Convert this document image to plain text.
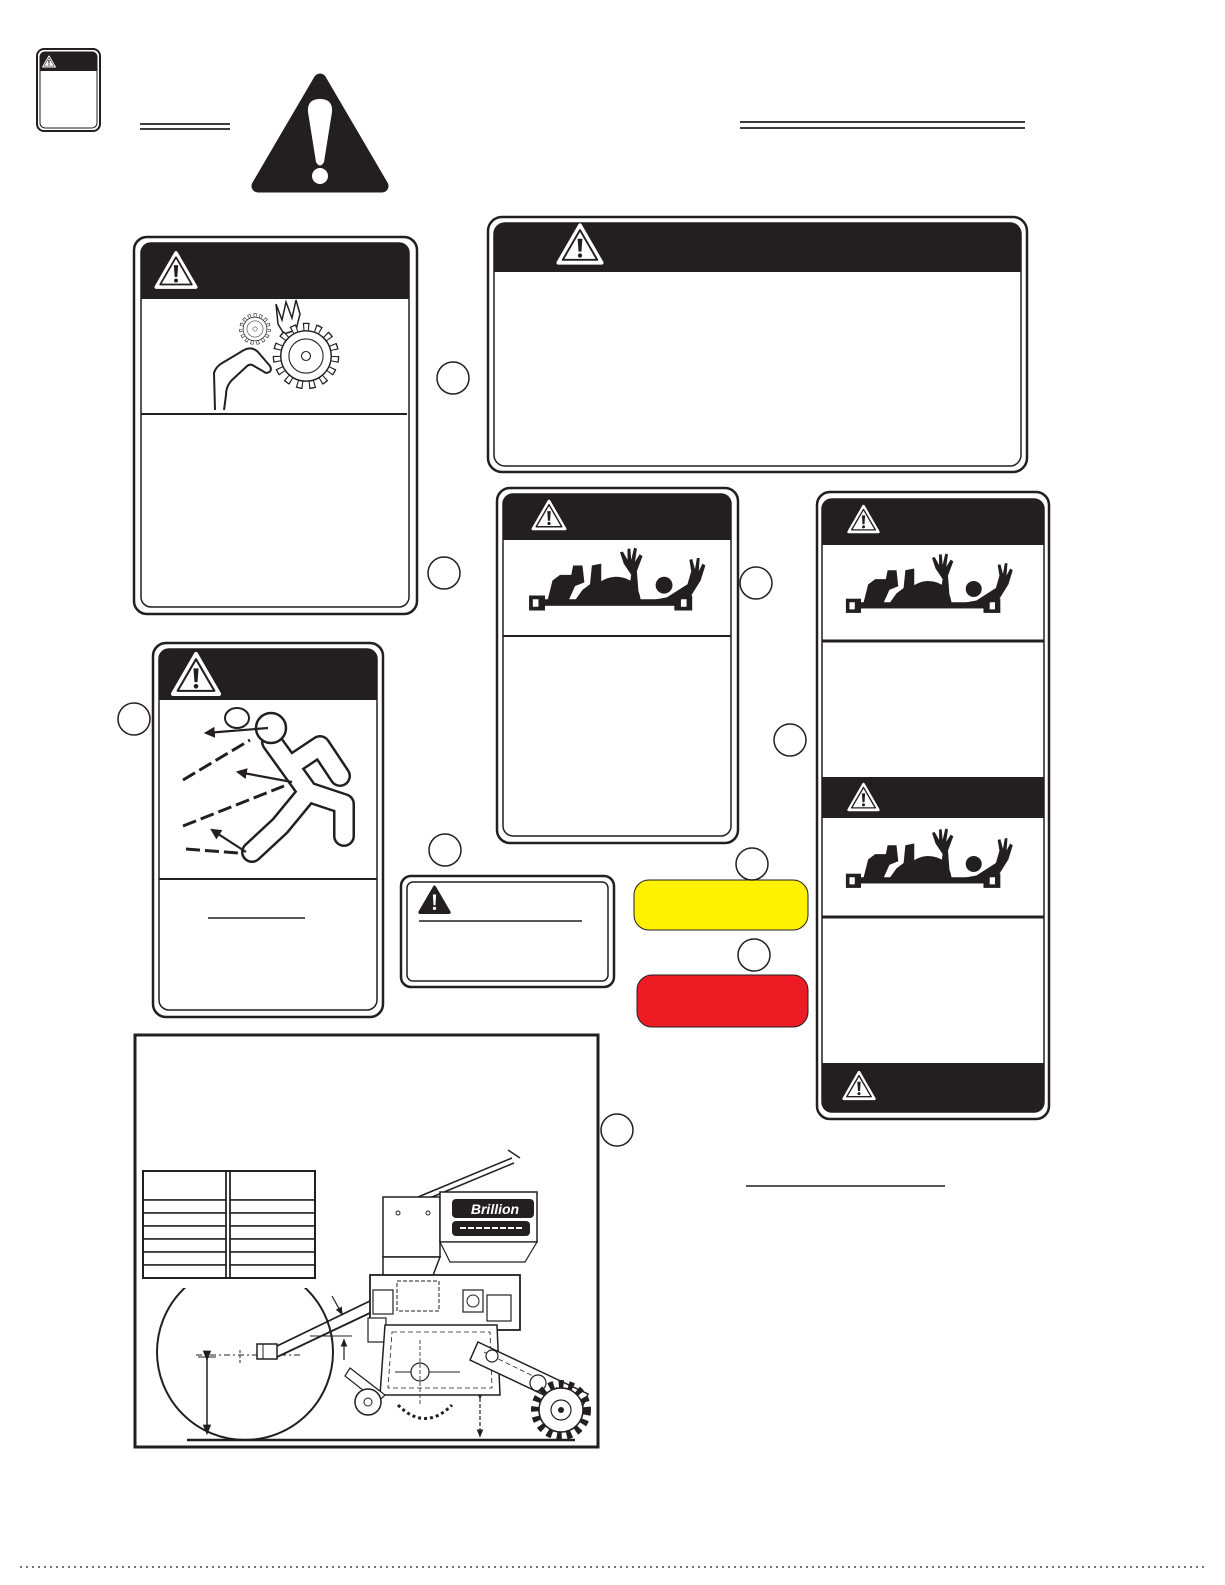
Brillion
